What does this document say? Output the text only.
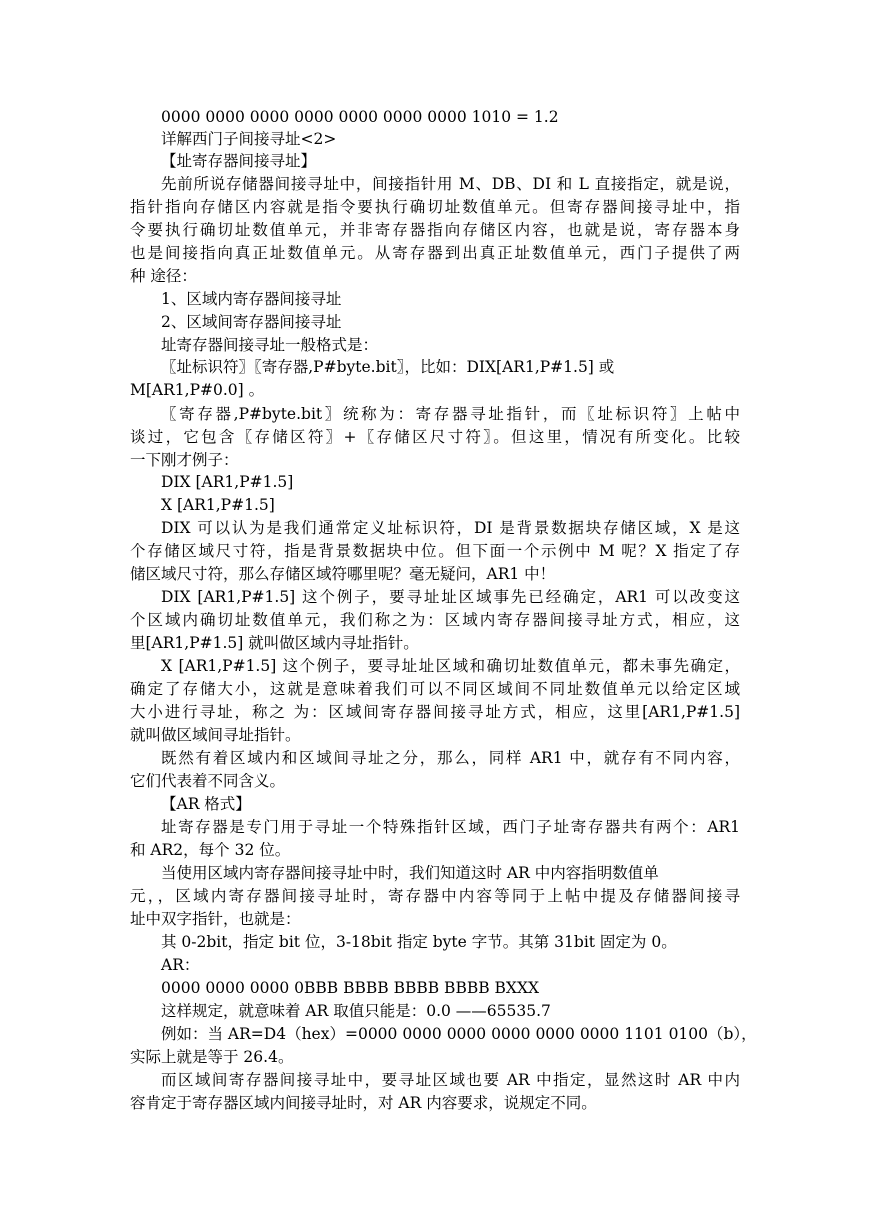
0000 0000 0000 0000 0000 0000 0000 1010 = 1.2
详解西门子间接寻址<2>
【址寄存器间接寻址】
先前所说存储器间接寻址中，间接指针用 M、DB、DI 和 L 直接指定，就是说，
指针指向存储区内容就是指令要执行确切址数值单元。但寄存器间接寻址中，指
令要执行确切址数值单元，并非寄存器指向存储区内容，也就是说，寄存器本身
也是间接指向真正址数值单元。从寄存器到出真正址数值单元，西门子提供了两
种 途径：
1、区域内寄存器间接寻址
2、区域间寄存器间接寻址
址寄存器间接寻址一般格式是：
〖址标识符〗〖寄存器,P#byte.bit〗，比如：DIX[AR1,P#1.5] 或
M[AR1,P#0.0] 。
〖寄存器,P#byte.bit〗统称为：寄存器寻址指针，而〖址标识符〗上帖中
谈过，它包含〖存储区符〗+〖存储区尺寸符〗。但这里，情况有所变化。比较
一下刚才例子：
DIX [AR1,P#1.5]
X [AR1,P#1.5]
DIX 可以认为是我们通常定义址标识符，DI 是背景数据块存储区域，X 是这
个存储区域尺寸符，指是背景数据块中位。但下面一个示例中 M 呢？X 指定了存
储区域尺寸符，那么存储区域符哪里呢？毫无疑问，AR1 中！
DIX [AR1,P#1.5] 这个例子，要寻址址区域事先已经确定，AR1 可以改变这
个区域内确切址数值单元，我们称之为：区域内寄存器间接寻址方式，相应，这
里[AR1,P#1.5] 就叫做区域内寻址指针。
X [AR1,P#1.5] 这个例子，要寻址址区域和确切址数值单元，都未事先确定，
确定了存储大小，这就是意味着我们可以不同区域间不同址数值单元以给定区域
大小进行寻址，称之 为：区域间寄存器间接寻址方式，相应，这里[AR1,P#1.5]
就叫做区域间寻址指针。
既然有着区域内和区域间寻址之分，那么，同样 AR1 中，就存有不同内容，
它们代表着不同含义。
【AR 格式】
址寄存器是专门用于寻址一个特殊指针区域，西门子址寄存器共有两个：AR1
和 AR2，每个 32 位。
当使用区域内寄存器间接寻址中时，我们知道这时 AR 中内容指明数值单
元，，区域内寄存器间接寻址时，寄存器中内容等同于上帖中提及存储器间接寻
址中双字指针，也就是：
其 0-2bit，指定 bit 位，3-18bit 指定 byte 字节。其第 31bit 固定为 0。
AR：
0000 0000 0000 0BBB BBBB BBBB BBBB BXXX
这样规定，就意味着 AR 取值只能是：0.0 ——65535.7
例如：当 AR=D4（hex）=0000 0000 0000 0000 0000 0000 1101 0100（b），
实际上就是等于 26.4。
而区域间寄存器间接寻址中，要寻址区域也要 AR 中指定，显然这时 AR 中内
容肯定于寄存器区域内间接寻址时，对 AR 内容要求，说规定不同。
